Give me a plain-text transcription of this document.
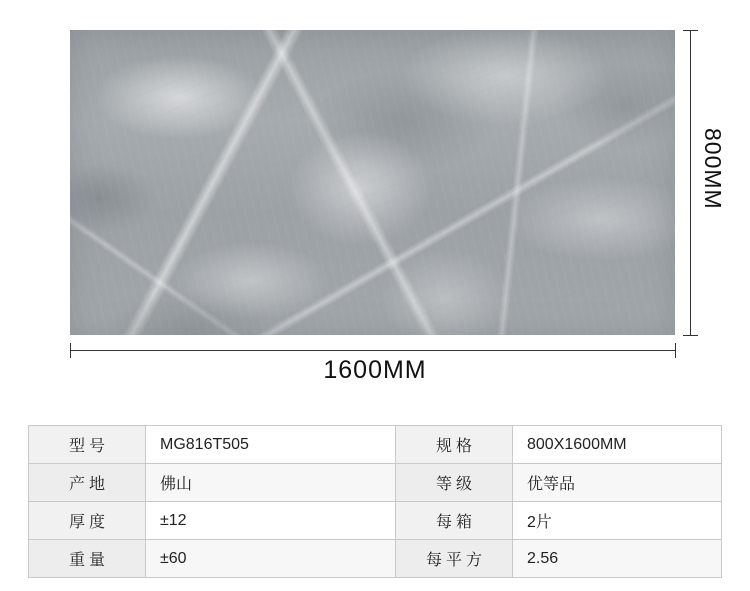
800MM
1600MM
型号	MG816T505	规格	800X1600MM
产地	佛山	等级	优等品
厚度	±12	每箱	2片
重量	±60	每平方	2.56
